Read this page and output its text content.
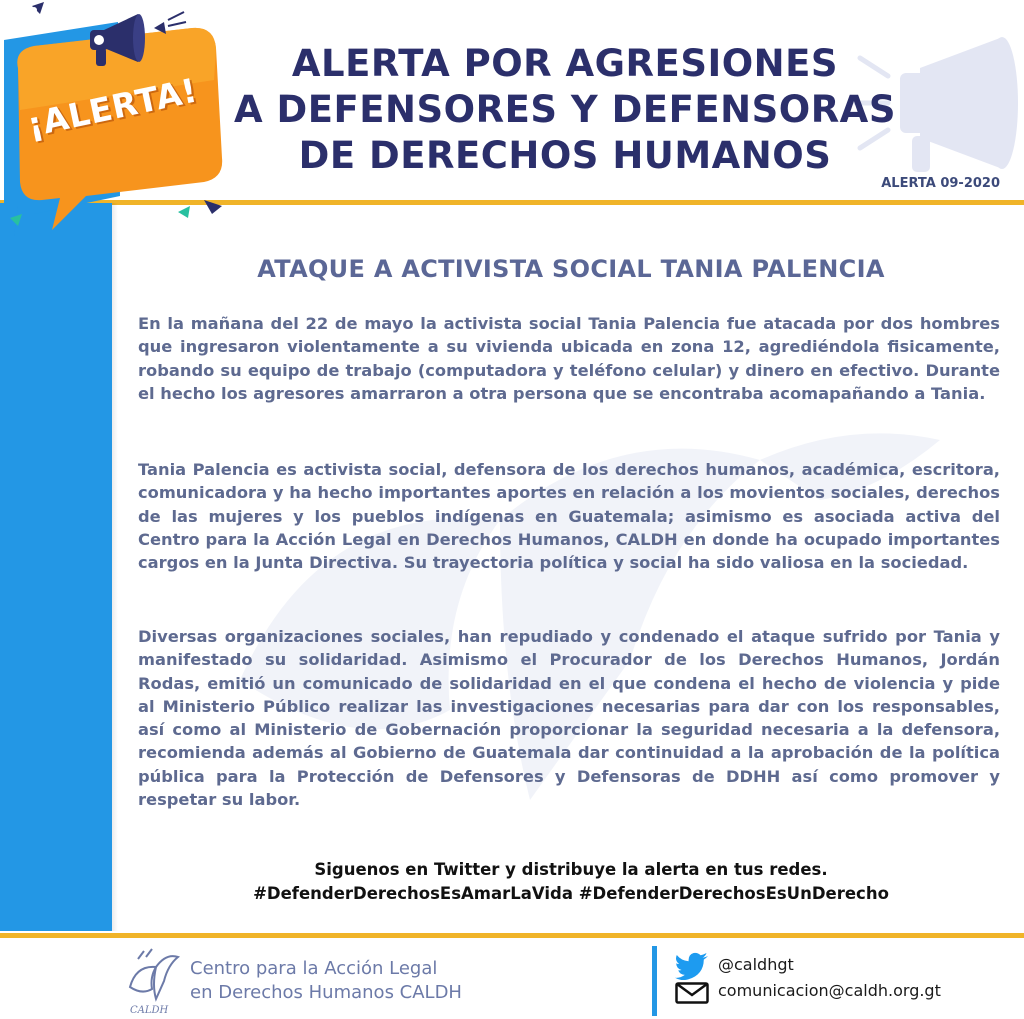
ALERTA POR AGRESIONES
A DEFENSORES Y DEFENSORAS
DE DERECHOS HUMANOS
ALERTA 09-2020
¡ALERTA!
ATAQUE A ACTIVISTA SOCIAL TANIA PALENCIA

En la mañana del 22 de mayo la activista social Tania Palencia fue atacada por dos hombres que ingresaron violentamente a su vivienda ubicada en zona 12, agrediéndola fisicamente, robando su equipo de trabajo (computadora y teléfono celular) y dinero en efectivo. Durante el hecho los agresores amarraron a otra persona que se encontraba acomapañando a Tania.

Tania Palencia es activista social, defensora de los derechos humanos, académica, escritora, comunicadora y ha hecho importantes aportes en relación a los movientos sociales, derechos de las mujeres y los pueblos indígenas en Guatemala; asimismo es asociada activa del Centro para la Acción Legal en Derechos Humanos, CALDH en donde ha ocupado importantes cargos en la Junta Directiva. Su trayectoria política y social ha sido valiosa en la sociedad.

Diversas organizaciones sociales, han repudiado y condenado el ataque sufrido por Tania y manifestado su solidaridad. Asimismo el Procurador de los Derechos Humanos, Jordán Rodas, emitió un comunicado de solidaridad en el que condena el hecho de violencia y pide al Ministerio Público realizar las investigaciones necesarias para dar con los responsables, así como al Ministerio de Gobernación proporcionar la seguridad necesaria a la defensora, recomienda además al Gobierno de Guatemala dar continuidad a la aprobación de la política pública para la Protección de Defensores y Defensoras de DDHH así como promover y respetar su labor.

Siguenos en Twitter y distribuye la alerta en tus redes.
#DefenderDerechosEsAmarLaVida #DefenderDerechosEsUnDerecho
CALDH
Centro para la Acción Legal
en Derechos Humanos CALDH
@caldhgt
comunicacion@caldh.org.gt
